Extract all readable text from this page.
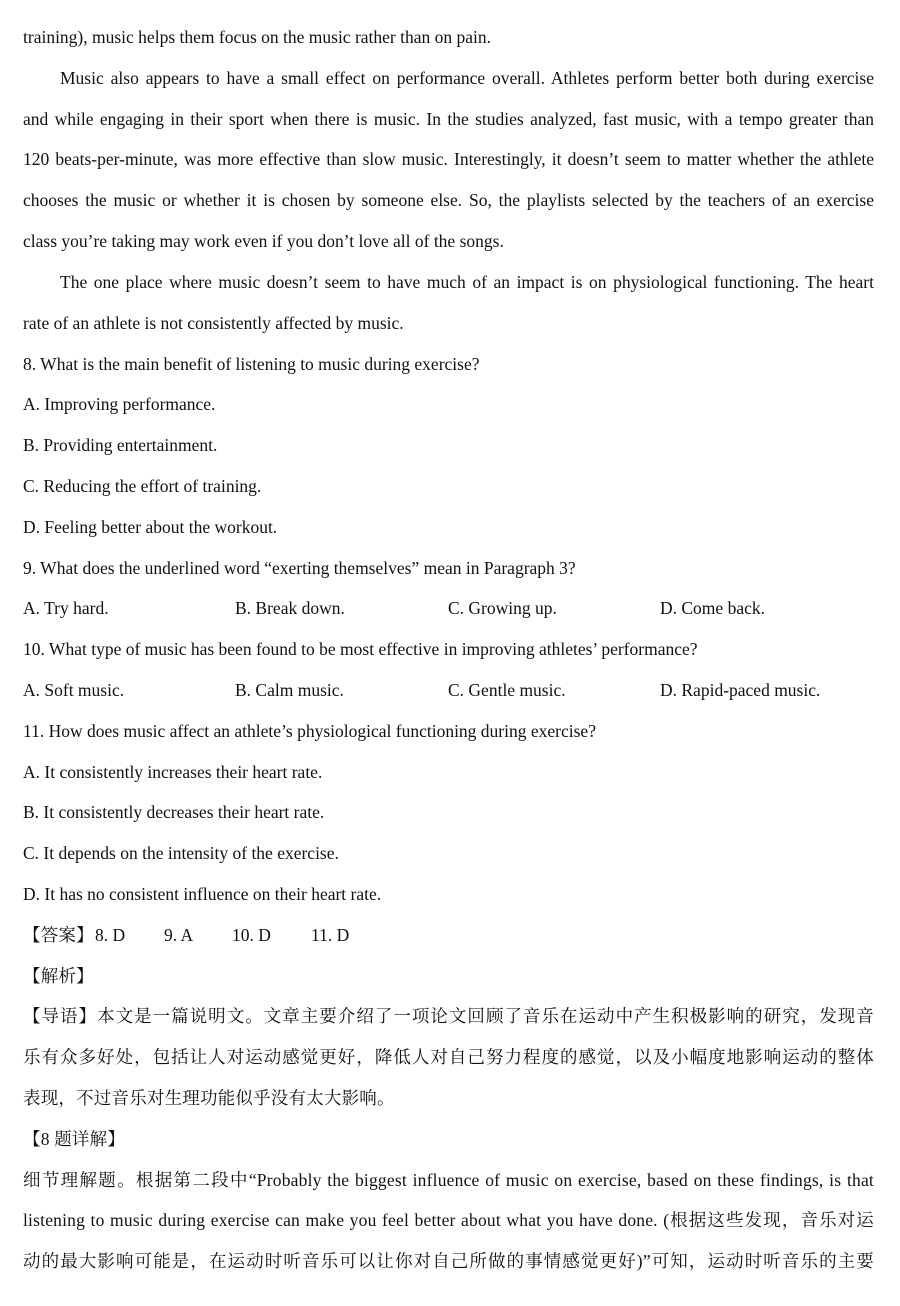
training), music helps them focus on the music rather than on pain.
Music also appears to have a small effect on performance overall. Athletes perform better both during exercise
and while engaging in their sport when there is music. In the studies analyzed, fast music, with a tempo greater than
120 beats-per-minute, was more effective than slow music. Interestingly, it doesn’t seem to matter whether the athlete
chooses the music or whether it is chosen by someone else. So, the playlists selected by the teachers of an exercise
class you’re taking may work even if you don’t love all of the songs.
The one place where music doesn’t seem to have much of an impact is on physiological functioning. The heart
rate of an athlete is not consistently affected by music.
8. What is the main benefit of listening to music during exercise?
A. Improving performance.
B. Providing entertainment.
C. Reducing the effort of training.
D. Feeling better about the workout.
9. What does the underlined word “exerting themselves” mean in Paragraph 3?
A. Try hard.	B. Break down.	C. Growing up.	D. Come back.
10. What type of music has been found to be most effective in improving athletes’ performance?
A. Soft music.	B. Calm music.	C. Gentle music.	D. Rapid-paced music.
11. How does music affect an athlete’s physiological functioning during exercise?
A. It consistently increases their heart rate.
B. It consistently decreases their heart rate.
C. It depends on the intensity of the exercise.
D. It has no consistent influence on their heart rate.
【答案】 8. D 9. A 10. D 11. D
【解析】
【导语】本文是一篇说明文。文章主要介绍了一项论文回顾了音乐在运动中产生积极影响的研究，发现音
乐有众多好处，包括让人对运动感觉更好，降低人对自己努力程度的感觉，以及小幅度地影响运动的整体
表现，不过音乐对生理功能似乎没有太大影响。
【8 题详解】
细节理解题。根据第二段中“Probably the biggest influence of music on exercise, based on these findings, is that
listening to music during exercise can make you feel better about what you have done. (根据这些发现，音乐对运
动的最大影响可能是，在运动时听音乐可以让你对自己所做的事情感觉更好)”可知，运动时听音乐的主要
